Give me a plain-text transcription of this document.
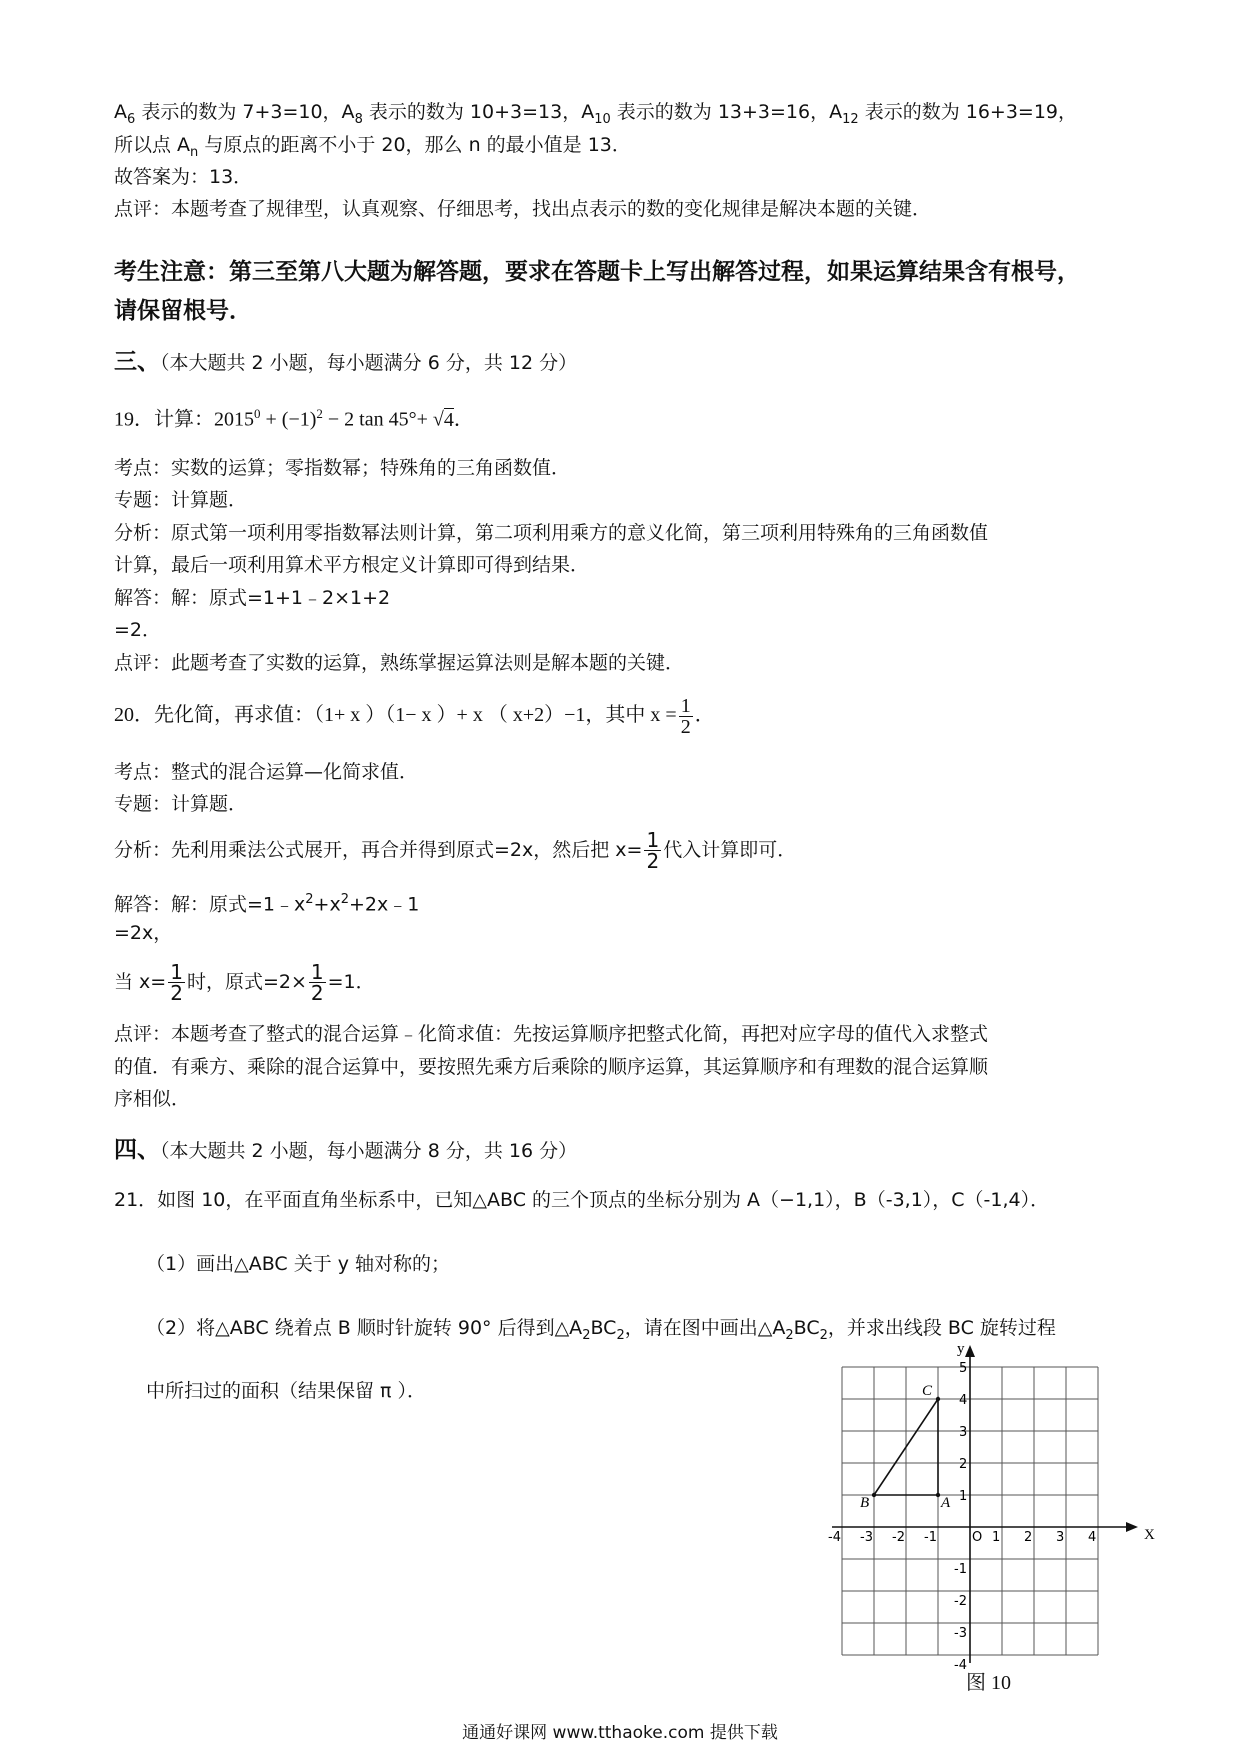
$A_6$ 表示的数为 7+3=10，$A_8$ 表示的数为 10+3=13，$A_{10}$ 表示的数为 13+3=16，$A_{12}$ 表示的数为 16+3=19，
所以点 $A_n$ 与原点的距离不小于 20，那么 n 的最小值是 13．
故答案为：13．
点评：本题考查了规律型，认真观察、仔细思考，找出点表示的数的变化规律是解决本题的关键．
考生注意：第三至第八大题为解答题，要求在答题卡上写出解答过程，如果运算结果含有根号，
请保留根号．
三、（本大题共 2 小题，每小题满分 6 分，共 12 分）
19．计算：$2015^0 + (-1)^2 - 2$ tan 45°+ √4．
考点：实数的运算；零指数幂；特殊角的三角函数值．
专题：计算题．
分析：原式第一项利用零指数幂法则计算，第二项利用乘方的意义化简，第三项利用特殊角的三角函数值
计算，最后一项利用算术平方根定义计算即可得到结果．
解答：解：原式=1+1﹣2×1+2
=2．
点评：此题考查了实数的运算，熟练掌握运算法则是解本题的关键．
20．先化简，再求值：（1+ x ）（1− x ）+ x （ x+2）−1，其中 $x = \frac{1}{2}$ ．
考点：整式的混合运算—化简求值．
专题：计算题．
分析：先利用乘法公式展开，再合并得到原式=2x，然后把 $x= \frac{1}{2}$ 代入计算即可．
解答：解：原式$=1﹣x^2+x^2+2x﹣1$
=2x，
当 $x= \frac{1}{2}$ 时，原式$=2\times \frac{1}{2} =1$．
点评：本题考查了整式的混合运算﹣化简求值：先按运算顺序把整式化简，再把对应字母的值代入求整式
的值．有乘方、乘除的混合运算中，要按照先乘方后乘除的顺序运算，其运算顺序和有理数的混合运算顺
序相似．
四、（本大题共 2 小题，每小题满分 8 分，共 16 分）
21．如图 10，在平面直角坐标系中，已知△ABC 的三个顶点的坐标分别为 A（−1,1），B（-3,1），C（-1,4）．
（1）画出△ABC 关于 y 轴对称的；
（2）将△ABC 绕着点 B 顺时针旋转 90° 后得到$\triangle A_2BC_2$，请在图中画出$\triangle A_2BC_2$，并求出线段 BC 旋转过程
中所扫过的面积（结果保留 π ）．
X
y
-4 -3 -2 -1	1 2 3 4
5
4
3
2
1
-1
-2
-3
-4
O
A
B
C
图 10
通通好课网 www.tthaoke.com 提供下载
